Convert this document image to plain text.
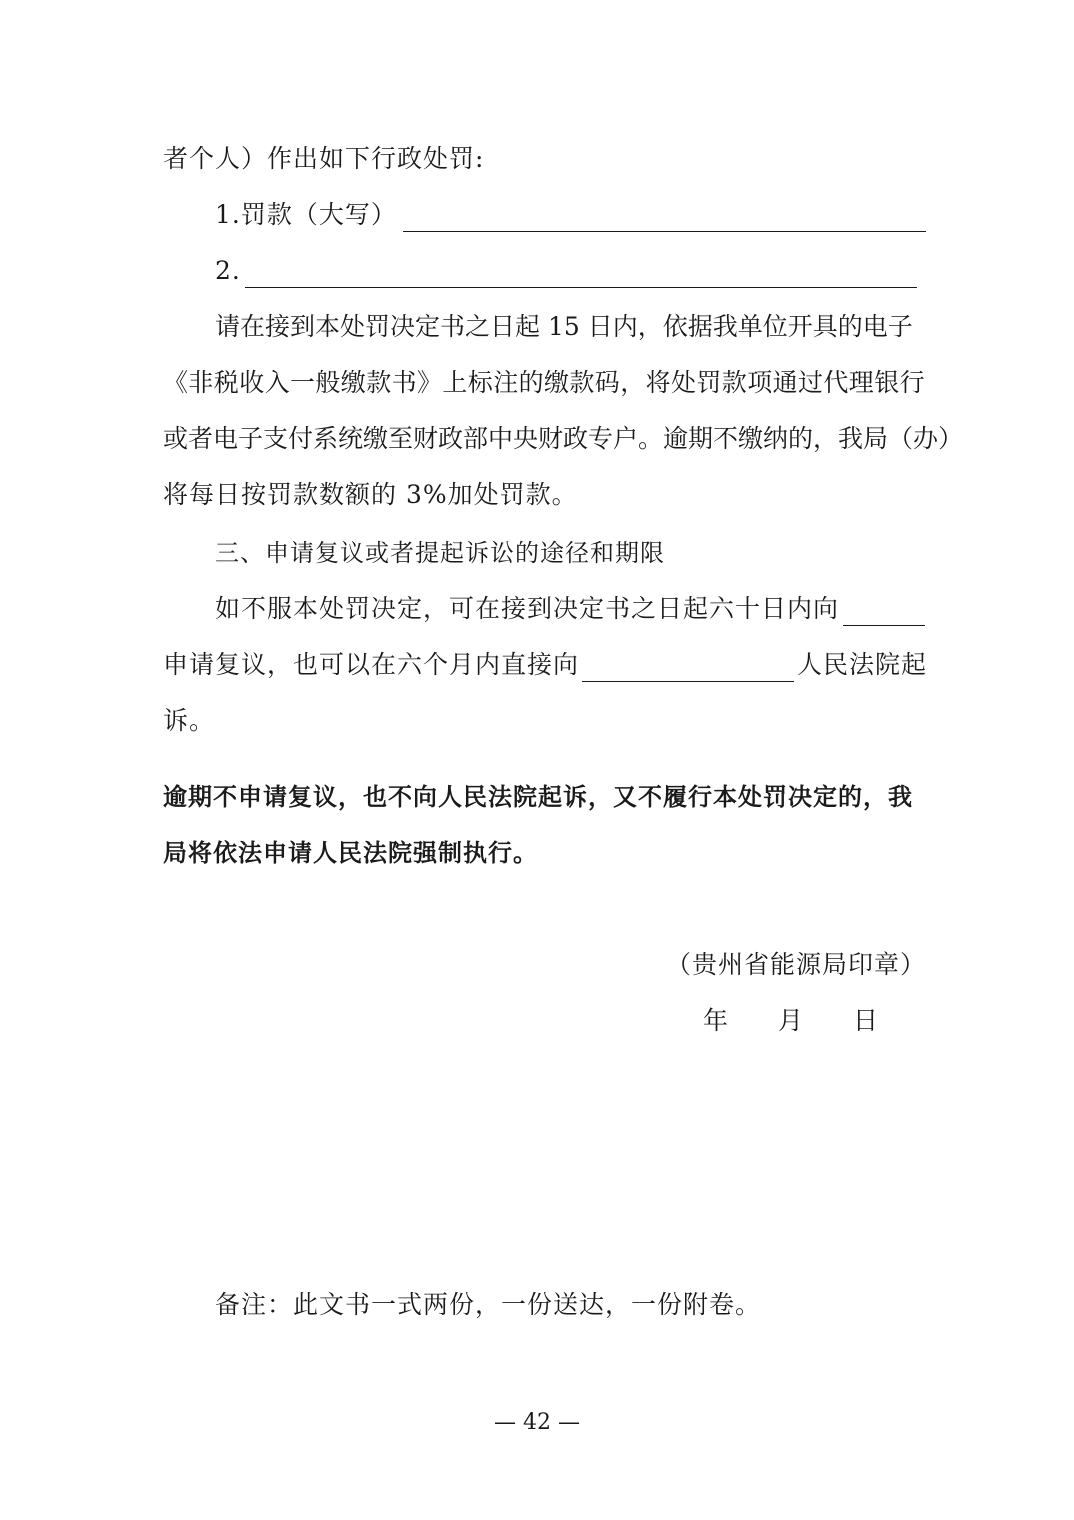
者个人）作出如下行政处罚:
1.罚款（大写）
2.
请在接到本处罚决定书之日起 15 日内，依据我单位开具的电子
《非税收入一般缴款书》上标注的缴款码，将处罚款项通过代理银行
或者电子支付系统缴至财政部中央财政专户。逾期不缴纳的，我局（办）
将每日按罚款数额的 3%加处罚款。
三、申请复议或者提起诉讼的途径和期限
如不服本处罚决定，可在接到决定书之日起六十日内向
申请复议，也可以在六个月内直接向	人民法院起
诉。
逾期不申请复议，也不向人民法院起诉，又不履行本处罚决定的，我
局将依法申请人民法院强制执行。
（贵州省能源局印章）
年 月 日
备注：此文书一式两份，一份送达，一份附卷。
— 42 —
